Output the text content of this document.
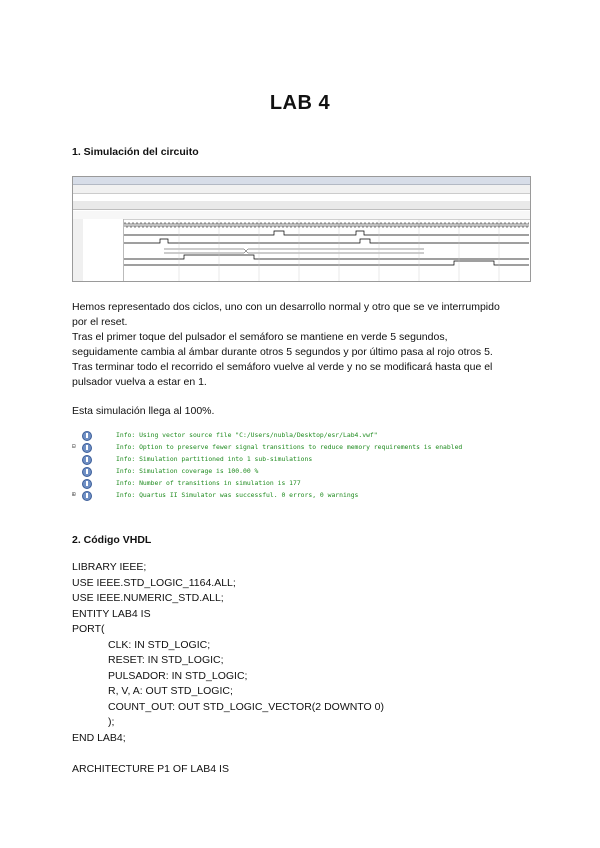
LAB 4
1. Simulación del circuito

Hemos representado dos ciclos, uno con un desarrollo normal y otro que se ve interrumpido

por el reset.

Tras el primer toque del pulsador el semáforo se mantiene en verde 5 segundos,

seguidamente cambia al ámbar durante otros 5 segundos y por último pasa al rojo otros 5.

Tras terminar todo el recorrido el semáforo vuelve al verde y no se modificará hasta que el

pulsador vuelva a estar en 1.

Esta simulación llega al 100%.

Info: Using vector source file "C:/Users/nubla/Desktop/esr/Lab4.vwf"
⊟	Info: Option to preserve fewer signal transitions to reduce memory requirements is enabled
Info: Simulation partitioned into 1 sub-simulations
Info: Simulation coverage is 100.00 %
Info: Number of transitions in simulation is 177
⊞	Info: Quartus II Simulator was successful. 0 errors, 0 warnings
2. Código VHDL
LIBRARY IEEE;
USE IEEE.STD_LOGIC_1164.ALL;
USE IEEE.NUMERIC_STD.ALL;
ENTITY LAB4 IS
PORT(
CLK: IN STD_LOGIC;
RESET: IN STD_LOGIC;
PULSADOR: IN STD_LOGIC;
R, V, A: OUT STD_LOGIC;
COUNT_OUT: OUT STD_LOGIC_VECTOR(2 DOWNTO 0)
);
END LAB4;
ARCHITECTURE P1 OF LAB4 IS
